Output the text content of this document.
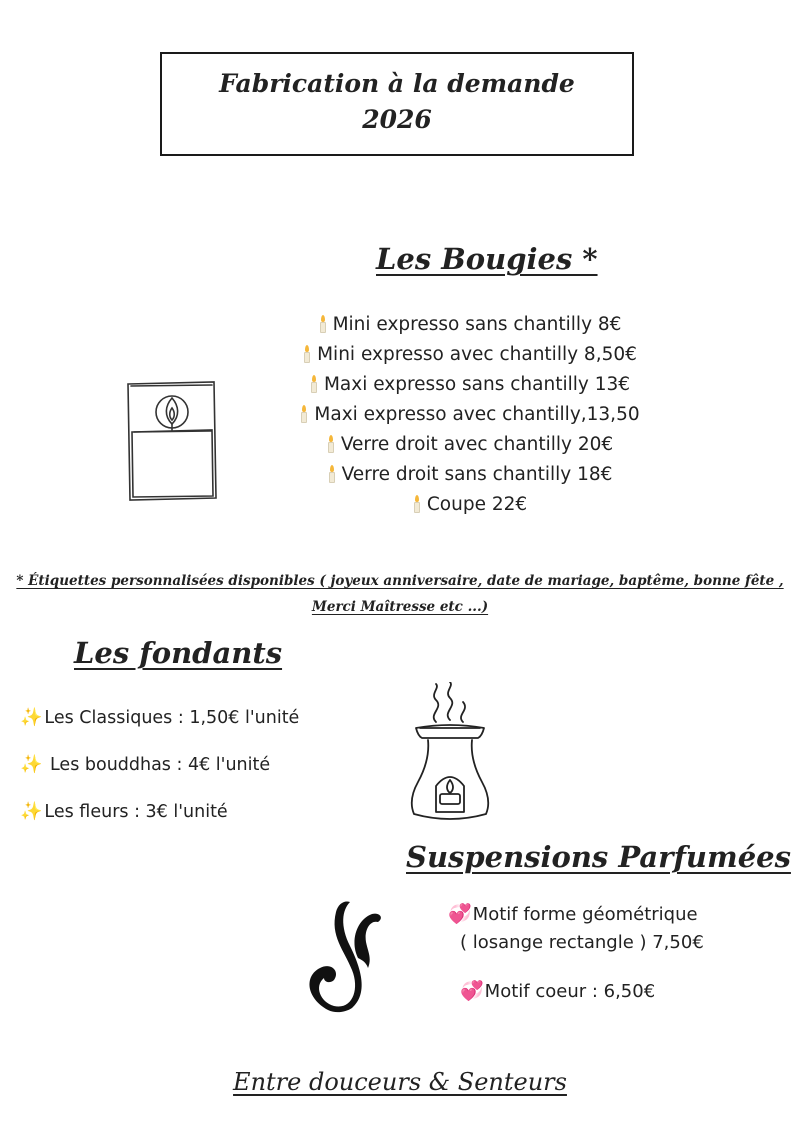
Fabrication à la demande
2026
Les Bougies *
Mini expresso sans chantilly 8€
Mini expresso avec chantilly 8,50€
Maxi expresso sans chantilly 13€
Maxi expresso avec chantilly,13,50
Verre droit avec chantilly 20€
Verre droit sans chantilly 18€
Coupe 22€
* Étiquettes personnalisées disponibles ( joyeux anniversaire, date de mariage, baptême, bonne fête ,
Merci Maîtresse etc ...)
Les fondants
✨ Les Classiques : 1,50€ l'unité
✨ Les bouddhas : 4€ l'unité
✨ Les fleurs : 3€ l'unité
Suspensions Parfumées
💞Motif forme géométrique
( losange rectangle ) 7,50€
💞Motif coeur : 6,50€
Entre douceurs & Senteurs
